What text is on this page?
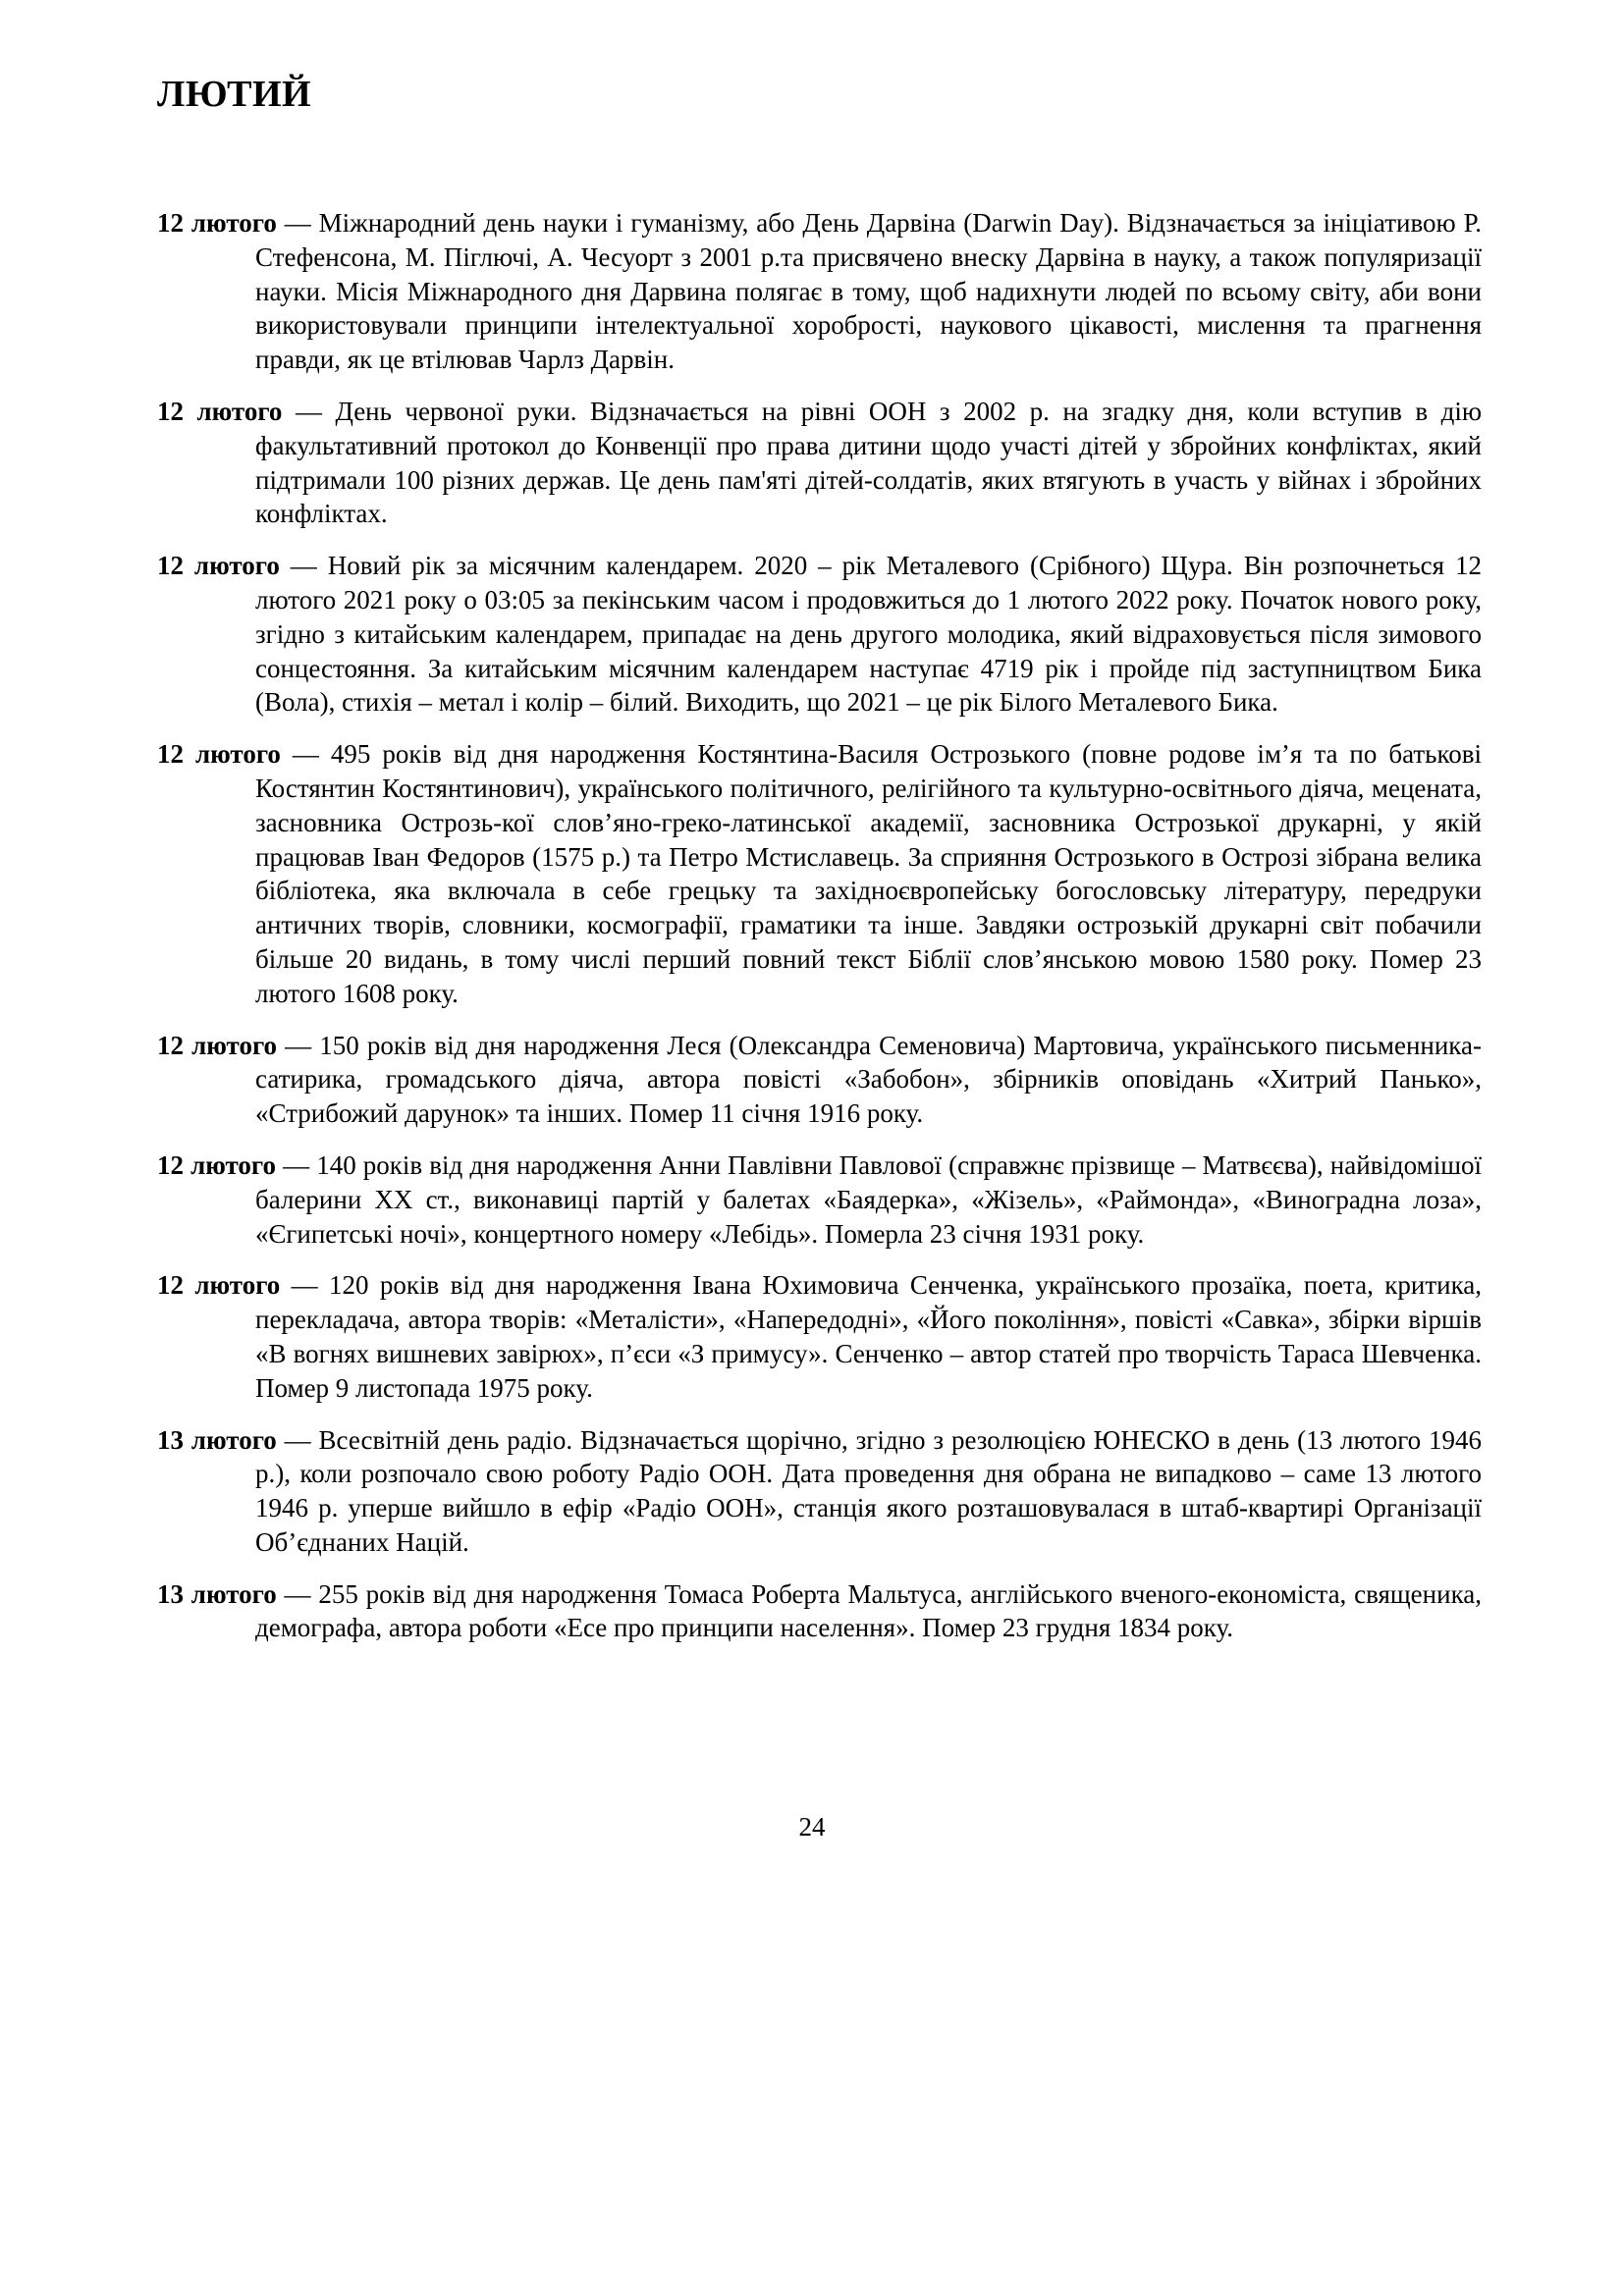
ЛЮТИЙ

12 лютого — Міжнародний день науки і гуманізму, або День Дарвіна (Darwin Day). Відзначається за ініціативою Р. Стефенсона, М. Піглючі, А. Чесуорт з 2001 р.та присвячено внеску Дарвіна в науку, а також популяризації науки. Місія Міжнародного дня Дарвина полягає в тому, щоб надихнути людей по всьому світу, аби вони використовували принципи інтелектуальної хоробрості, наукового цікавості, мислення та прагнення правди, як це втілював Чарлз Дарвін.

12 лютого — День червоної руки. Відзначається на рівні ООН з 2002 р. на згадку дня, коли вступив в дію факультативний протокол до Конвенції про права дитини щодо участі дітей у збройних конфліктах, який підтримали 100 різних держав. Це день пам'яті дітей-солдатів, яких втягують в участь у війнах і збройних конфліктах.

12 лютого — Новий рік за місячним календарем. 2020 – рік Металевого (Срібного) Щура. Він розпочнеться 12 лютого 2021 року о 03:05 за пекінським часом і продовжиться до 1 лютого 2022 року. Початок нового року, згідно з китайським календарем, припадає на день другого молодика, який відраховується після зимового сонцестояння. За китайським місячним календарем наступає 4719 рік і пройде під заступництвом Бика (Вола), стихія – метал і колір – білий. Виходить, що 2021 – це рік Білого Металевого Бика.

12 лютого — 495 років від дня народження Костянтина-Василя Острозького (повне родове ім’я та по батькові Костянтин Костянтинович), українського політичного, релігійного та культурно-освітнього діяча, мецената, засновника Острозь-кої слов’яно-греко-латинської академії, засновника Острозької друкарні, у якій працював Іван Федоров (1575 р.) та Петро Мстиславець. За сприяння Острозького в Острозі зібрана велика бібліотека, яка включала в себе грецьку та західноєвропейську богословську літературу, передруки античних творів, словники, космографії, граматики та інше. Завдяки острозькій друкарні світ побачили більше 20 видань, в тому числі перший повний текст Біблії слов’янською мовою 1580 року. Помер 23 лютого 1608 року.

12 лютого — 150 років від дня народження Леся (Олександра Семеновича) Мартовича, українського письменника-сатирика, громадського діяча, автора повісті «Забобон», збірників оповідань «Хитрий Панько», «Стрибожий дарунок» та інших. Помер 11 січня 1916 року.

12 лютого — 140 років від дня народження Анни Павлівни Павлової (справжнє прізвище – Матвєєва), найвідомішої балерини ХХ ст., виконавиці партій у балетах «Баядерка», «Жізель», «Раймонда», «Виноградна лоза», «Єгипетські ночі», концертного номеру «Лебідь». Померла 23 січня 1931 року.

12 лютого — 120 років від дня народження Івана Юхимовича Сенченка, українського прозаїка, поета, критика, перекладача, автора творів: «Металісти», «Напередодні», «Його покоління», повісті «Савка», збірки віршів «В вогнях вишневих завірюх», п’єси «З примусу». Сенченко – автор статей про творчість Тараса Шевченка. Помер 9 листопада 1975 року.

13 лютого — Всесвітній день радіо. Відзначається щорічно, згідно з резолюцією ЮНЕСКО в день (13 лютого 1946 р.), коли розпочало свою роботу Радіо ООН. Дата проведення дня обрана не випадково – саме 13 лютого 1946 р. уперше вийшло в ефір «Радіо ООН», станція якого розташовувалася в штаб-квартирі Організації Об’єднаних Націй.

13 лютого — 255 років від дня народження Томаса Роберта Мальтуса, англійського вченого-економіста, священика, демографа, автора роботи «Есе про принципи населення». Помер 23 грудня 1834 року.

24
